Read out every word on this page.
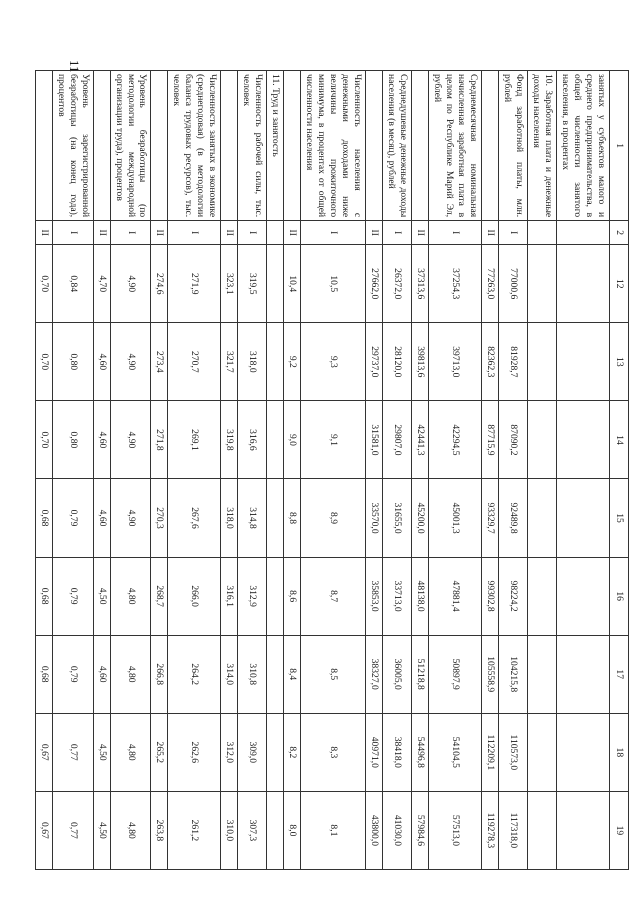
11
1	2	12	13	14	15	16	17	18	19
занятых у субъектов малого и среднего предпринимательства, в общей численности занятого населения, в процентах									
10. Заработная плата и денежные доходы населения									
Фонд заработной платы, млн. рублей	I	77000,6	81928,7	87090,2	92489,8	98224,2	104215,8	110573,0	117318,0
	II	77263,0	82362,3	87715,9	93329,7	99302,8	105558,9	112209,1	119278,3
Среднемесячная номинальная начисленная заработная плата в целом по Республике Марий Эл, рублей	I	37254,3	39713,0	42294,5	45001,3	47881,4	50897,9	54104,5	57513,0
	II	37313,6	39813,6	42441,3	45200,0	48138,0	51218,8	54496,8	57984,6
Среднедушевые денежные доходы населения (в месяц), рублей	I	26372,0	28120,0	29807,0	31655,0	33713,0	36005,0	38418,0	41030,0
	II	27662,0	29737,0	31581,0	33570,0	35853,0	38327,0	40971,0	43800,0
Численность населения с денежными доходами ниже величины прожиточного минимума, в процентах от общей численности населения	I	10,5	9,3	9,1	8,9	8,7	8,5	8,3	8,1
	II	10,4	9,2	9,0	8,8	8,6	8,4	8,2	8,0
11. Труд и занятость									
Численность рабочей силы, тыс. человек	I	319,5	318,0	316,6	314,8	312,9	310,8	309,0	307,3
	II	323,1	321,7	319,8	318,0	316,1	314,0	312,0	310,0
Численность занятых в экономике (среднегодовая) (в методологии баланса трудовых ресурсов), тыс. человек	I	271,9	270,7	269,1	267,6	266,0	264,2	262,6	261,2
	II	274,6	273,4	271,8	270,3	268,7	266,8	265,2	263,8
Уровень безработицы (по методологии международной организации труда), процентов	I	4,90	4,90	4,90	4,90	4,80	4,80	4,80	4,80
	II	4,70	4,60	4,60	4,60	4,50	4,60	4,50	4,50
Уровень зарегистрированной безработицы (на конец года), процентов	I	0,84	0,80	0,80	0,79	0,79	0,79	0,77	0,77
	II	0,70	0,70	0,70	0,68	0,68	0,68	0,67	0,67
